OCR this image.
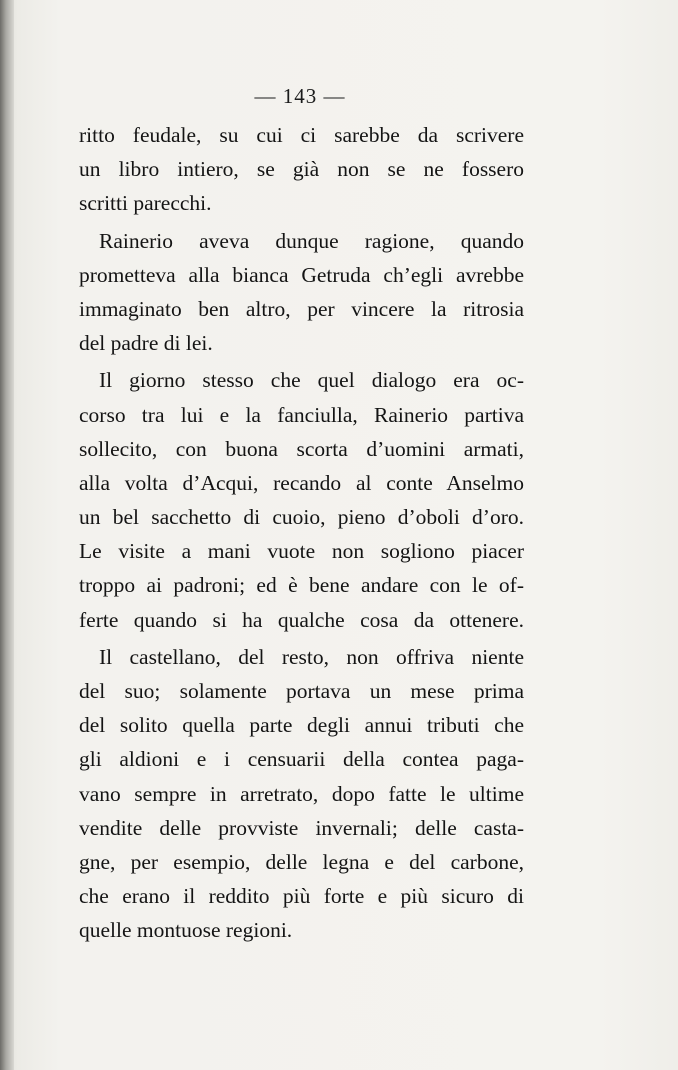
— 143 —
ritto feudale, su cui ci sarebbe da scrivere
un libro intiero, se già non se ne fossero
scritti parecchi.
Rainerio aveva dunque ragione, quando
prometteva alla bianca Getruda ch’egli avrebbe
immaginato ben altro, per vincere la ritrosia
del padre di lei.
Il giorno stesso che quel dialogo era oc-
corso tra lui e la fanciulla, Rainerio partiva
sollecito, con buona scorta d’uomini armati,
alla volta d’Acqui, recando al conte Anselmo
un bel sacchetto di cuoio, pieno d’oboli d’oro.
Le visite a mani vuote non sogliono piacer
troppo ai padroni; ed è bene andare con le of-
ferte quando si ha qualche cosa da ottenere.
Il castellano, del resto, non offriva niente
del suo; solamente portava un mese prima
del solito quella parte degli annui tributi che
gli aldioni e i censuarii della contea paga-
vano sempre in arretrato, dopo fatte le ultime
vendite delle provviste invernali; delle casta-
gne, per esempio, delle legna e del carbone,
che erano il reddito più forte e più sicuro di
quelle montuose regioni.
